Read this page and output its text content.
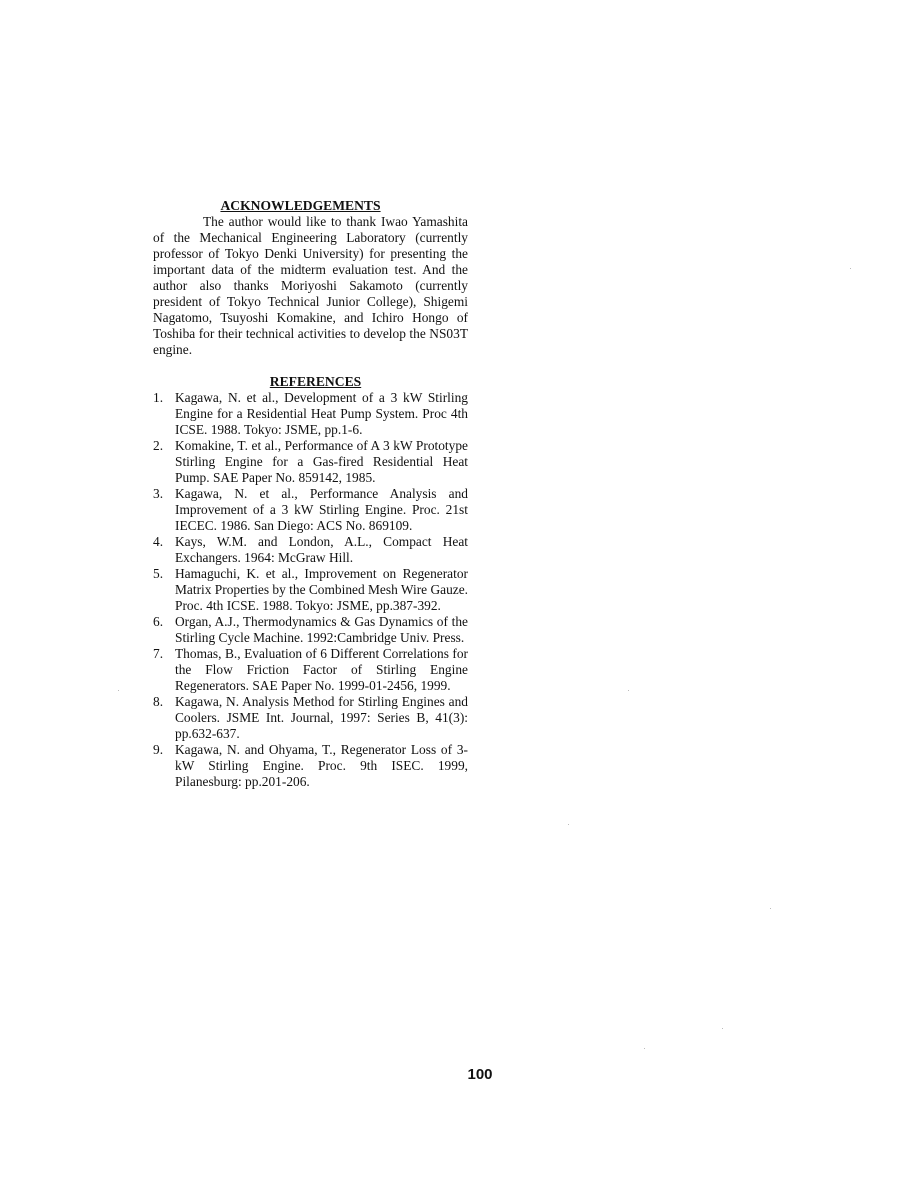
ACKNOWLEDGEMENTS

The author would like to thank Iwao Yamashita of the Mechanical Engineering Laboratory (currently professor of Tokyo Denki University) for presenting the important data of the midterm evaluation test. And the author also thanks Moriyoshi Sakamoto (currently president of Tokyo Technical Junior College), Shigemi Nagatomo, Tsuyoshi Komakine, and Ichiro Hongo of Toshiba for their technical activities to develop the NS03T engine.

REFERENCES
1. Kagawa, N. et al., Development of a 3 kW Stirling Engine for a Residential Heat Pump System. Proc 4th ICSE. 1988. Tokyo: JSME, pp.1-6.
2. Komakine, T. et al., Performance of A 3 kW Prototype Stirling Engine for a Gas-fired Residential Heat Pump. SAE Paper No. 859142, 1985.
3. Kagawa, N. et al., Performance Analysis and Improvement of a 3 kW Stirling Engine. Proc. 21st IECEC. 1986. San Diego: ACS No. 869109.
4. Kays, W.M. and London, A.L., Compact Heat Exchangers. 1964: McGraw Hill.
5. Hamaguchi, K. et al., Improvement on Regenerator Matrix Properties by the Combined Mesh Wire Gauze. Proc. 4th ICSE. 1988. Tokyo: JSME, pp.387-392.
6. Organ, A.J., Thermodynamics & Gas Dynamics of the Stirling Cycle Machine. 1992:Cambridge Univ. Press.
7. Thomas, B., Evaluation of 6 Different Correlations for the Flow Friction Factor of Stirling Engine Regenerators. SAE Paper No. 1999-01-2456, 1999.
8. Kagawa, N. Analysis Method for Stirling Engines and Coolers. JSME Int. Journal, 1997: Series B, 41(3): pp.632-637.
9. Kagawa, N. and Ohyama, T., Regenerator Loss of 3-kW Stirling Engine. Proc. 9th ISEC. 1999, Pilanesburg: pp.201-206.
100
